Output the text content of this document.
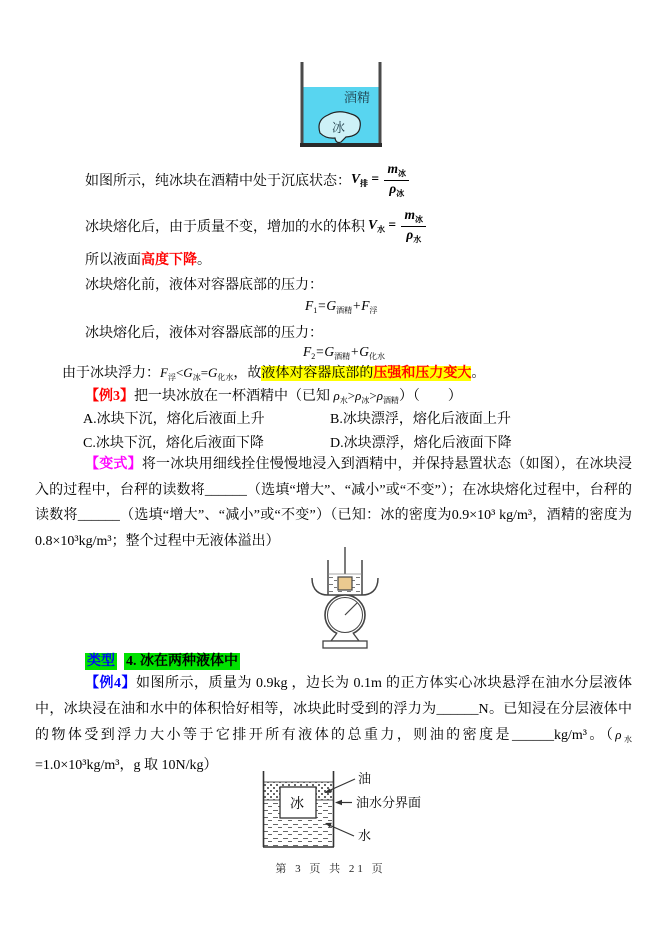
酒精
冰
如图所示，纯冰块在酒精中处于沉底状态： $V_排 = \frac{m_冰}{\rho_冰}$
冰块熔化后，由于质量不变，增加的水的体积 $V_水 = \frac{m_冰}{\rho_水}$
所以液面高度下降。
冰块熔化前，液体对容器底部的压力：
$F_1=G_{酒精}+F_浮$
冰块熔化后，液体对容器底部的压力：
$F_2=G_{酒精}+G_{化水}$
由于冰块浮力：$F_浮<G_冰=G_{化水}$，故液体对容器底部的压强和压力变大。
【例3】把一块冰放在一杯酒精中（已知 $\rho_水>\rho_冰>\rho_{酒精}$）（　　）
A.冰块下沉，熔化后液面上升	B.冰块漂浮，熔化后液面上升
C.冰块下沉，熔化后液面下降	D.冰块漂浮，熔化后液面下降
【变式】将一冰块用细线拴住慢慢地浸入到酒精中，并保持悬置状态（如图），在冰块浸入的过程中，台秤的读数将______（选填“增大”、“减小”或“不变”）；在冰块熔化过程中，台秤的读数将______（选填“增大”、“减小”或“不变”）（已知：冰的密度为0.9×10³ kg/m³，酒精的密度为0.8×10³kg/m³；整个过程中无液体溢出）
类型 4. 冰在两种液体中
【例4】如图所示，质量为 0.9kg ，边长为 0.1m 的正方体实心冰块悬浮在油水分层液体中，冰块浸在油和水中的体积恰好相等，冰块此时受到的浮力为______N。已知浸在分层液体中的物体受到浮力大小等于它排开所有液体的总重力，则油的密度是______kg/m³。（$\rho_水=1.0\times 10^3kg/m^3$，g 取 10N/kg）
冰
油
油水分界面
水
第 3 页 共 21 页
